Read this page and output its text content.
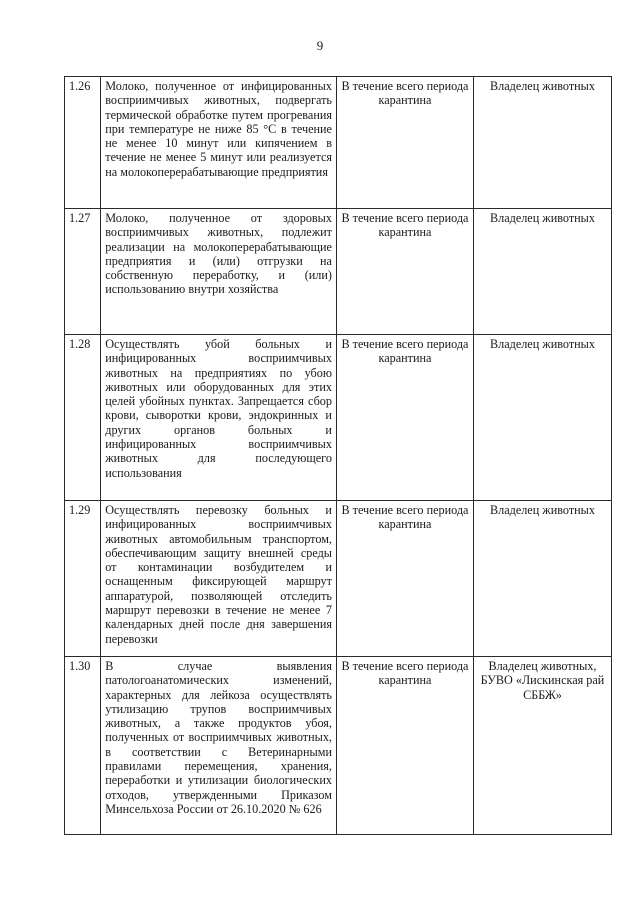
9
1.26	Молоко, полученное от инфицированных восприимчивых животных, подвергать термической обработке путем прогревания при температуре не ниже 85 °С в течение не менее 10 минут или кипячением в течение не менее 5 минут или реализуется на молокоперерабатывающие предприятия	В течение всего периода карантина	Владелец животных
1.27	Молоко, полученное от здоровых восприимчивых животных, подлежит реализации на молокоперерабатывающие предприятия и (или) отгрузки на собственную переработку, и (или) использованию внутри хозяйства	В течение всего периода карантина	Владелец животных
1.28	Осуществлять убой больных и инфицированных восприимчивых животных на предприятиях по убою животных или оборудованных для этих целей убойных пунктах. Запрещается сбор крови, сыворотки крови, эндокринных и других органов больных и инфицированных восприимчивых животных для последующего использования	В течение всего периода карантина	Владелец животных
1.29	Осуществлять перевозку больных и инфицированных восприимчивых животных автомобильным транспортом, обеспечивающим защиту внешней среды от контаминации возбудителем и оснащенным фиксирующей маршрут аппаратурой, позволяющей отследить маршрут перевозки в течение не менее 7 календарных дней после дня завершения перевозки	В течение всего периода карантина	Владелец животных
1.30	В случае выявления патологоанатомических изменений, характерных для лейкоза осуществлять утилизацию трупов восприимчивых животных, а также продуктов убоя, полученных от восприимчивых животных, в соответствии с Ветеринарными правилами перемещения, хранения, переработки и утилизации биологических отходов, утвержденными Приказом Минсельхоза России от 26.10.2020 № 626	В течение всего периода карантина	Владелец животных, БУВО «Лискинская рай СББЖ»
